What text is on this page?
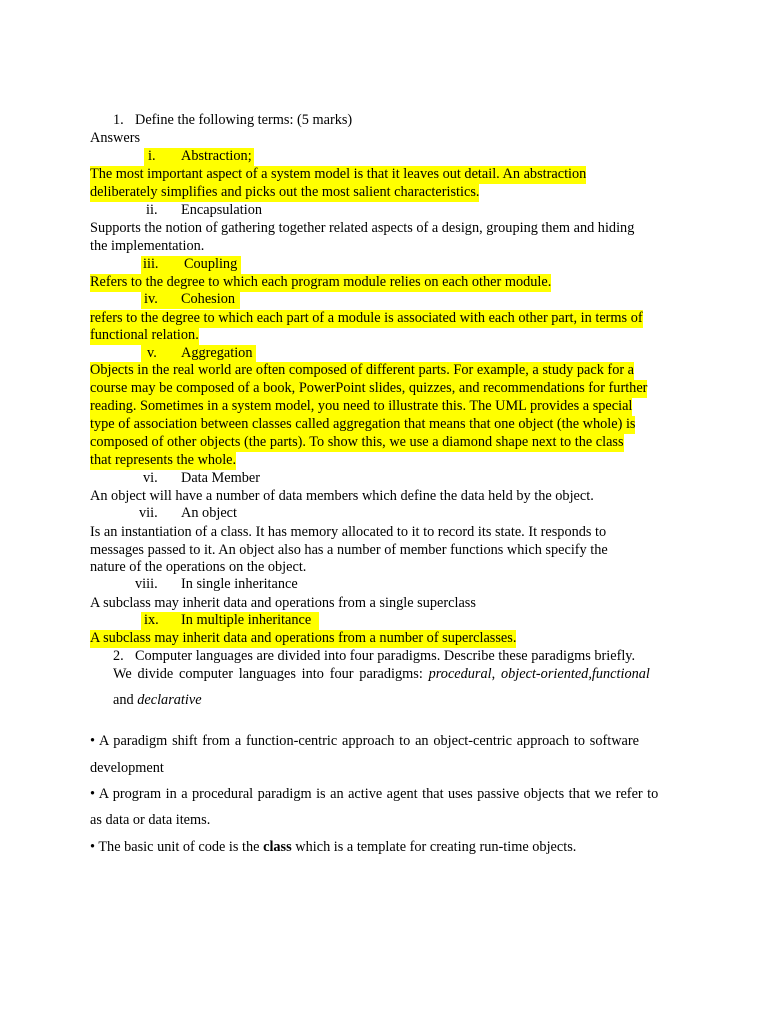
1. Define the following terms: (5 marks)
Answers
i. Abstraction;

The most important aspect of a system model is that it leaves out detail. An abstraction
deliberately simplifies and picks out the most salient characteristics.
ii. Encapsulation
Supports the notion of gathering together related aspects of a design, grouping them and hiding
the implementation.
iii. Coupling

Refers to the degree to which each program module relies on each other module.
iv. Cohesion

refers to the degree to which each part of a module is associated with each other part, in terms of
functional relation.
v. Aggregation

Objects in the real world are often composed of different parts. For example, a study pack for a
course may be composed of a book, PowerPoint slides, quizzes, and recommendations for further
reading. Sometimes in a system model, you need to illustrate this. The UML provides a special
type of association between classes called aggregation that means that one object (the whole) is
composed of other objects (the parts). To show this, we use a diamond shape next to the class
that represents the whole.
vi. Data Member
An object will have a number of data members which define the data held by the object.
vii. An object
Is an instantiation of a class. It has memory allocated to it to record its state. It responds to
messages passed to it. An object also has a number of member functions which specify the
nature of the operations on the object.
viii. In single inheritance
A subclass may inherit data and operations from a single superclass
ix. In multiple inheritance

A subclass may inherit data and operations from a number of superclasses.
2. Computer languages are divided into four paradigms. Describe these paradigms briefly.
We divide computer languages into four paradigms: procedural, object-oriented,functional
and declarative
• A paradigm shift from a function-centric approach to an object-centric approach to software
development
• A program in a procedural paradigm is an active agent that uses passive objects that we refer to
as data or data items.
• The basic unit of code is the class which is a template for creating run-time objects.
